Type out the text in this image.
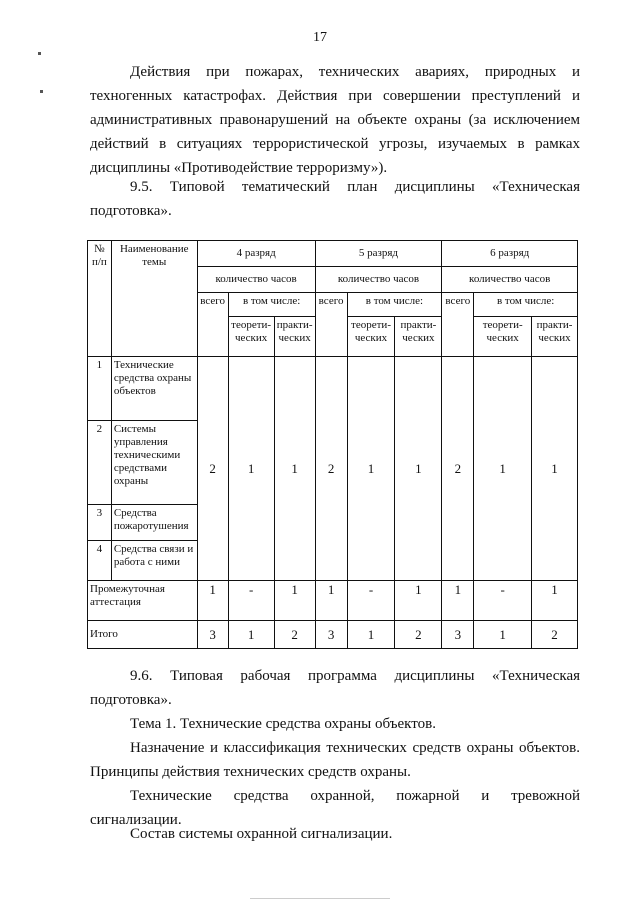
17
Действия при пожарах, технических авариях, природных и техногенных катастрофах. Действия при совершении преступлений и административных правонарушений на объекте охраны (за исключением действий в ситуациях террористической угрозы, изучаемых в рамках дисциплины «Противодействие терроризму»).
9.5. Типовой тематический план дисциплины «Техническая подготовка».
№ п/п	Наименование темы	4 разряд			5 разряд			6 разряд		
		количество часов			количество часов			количество часов		
		всего	в том числе:		всего	в том числе:		всего	в том числе:	
			теорети-ческих	практи-ческих		теорети-ческих	практи-ческих		теорети-ческих	практи-ческих
1	Технические средства охраны объектов	2	1	1	2	1	1	2	1	1
2	Системы управления техническими средствами охраны									
3	Средства пожаротушения									
4	Средства связи и работа с ними									
Промежуточная аттестация		1	-	1	1	-	1	1	-	1
Итого		3	1	2	3	1	2	3	1	2
9.6. Типовая рабочая программа дисциплины «Техническая подготовка».
Тема 1. Технические средства охраны объектов.
Назначение и классификация технических средств охраны объектов. Принципы действия технических средств охраны.
Технические средства охранной, пожарной и тревожной сигнализации.
Состав системы охранной сигнализации.
